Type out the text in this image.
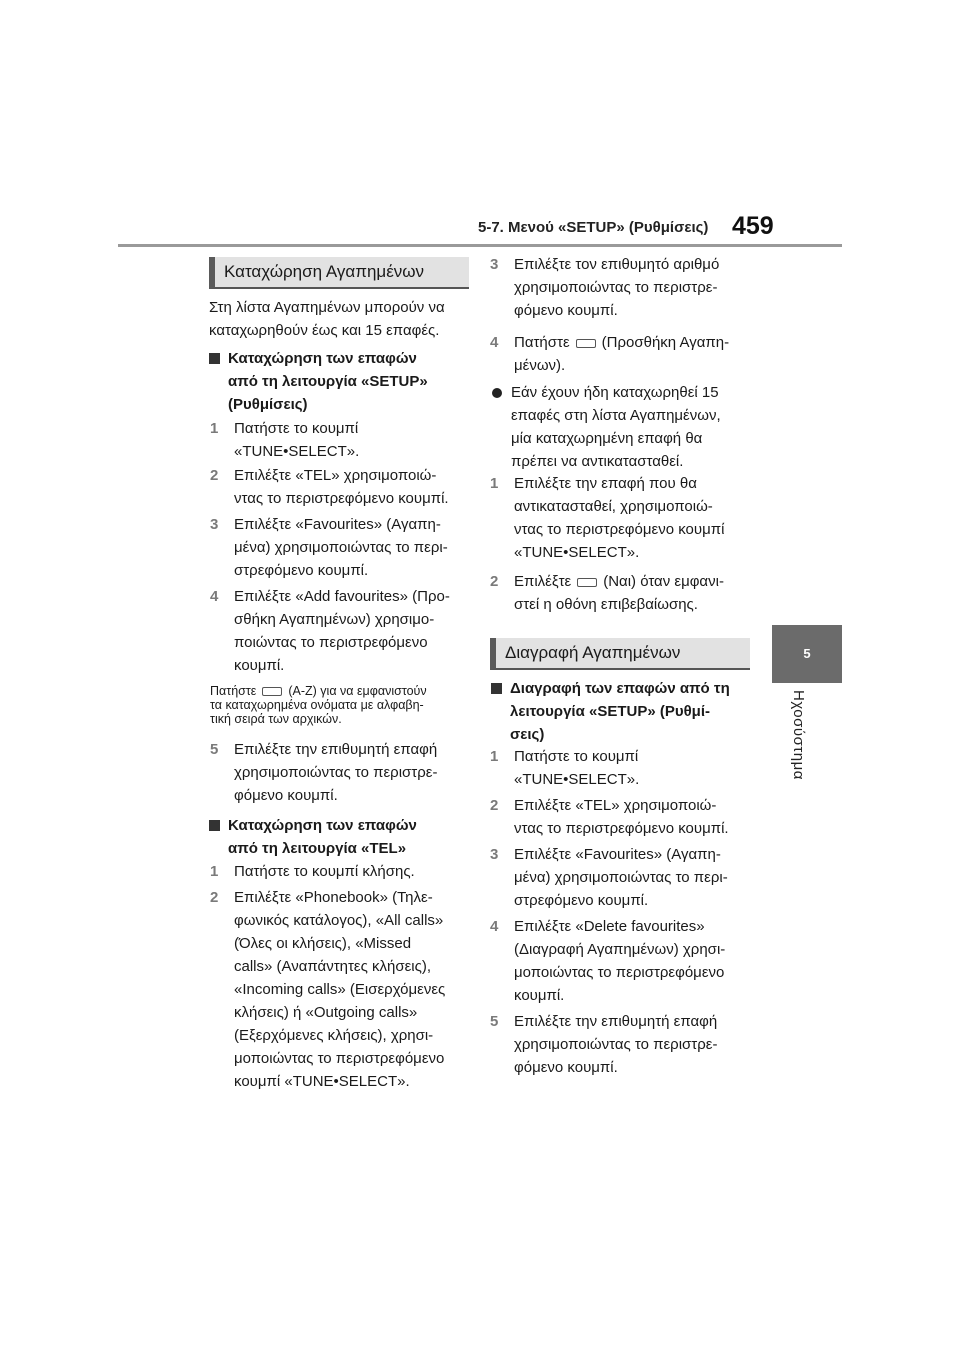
5-7. Μενού «SETUP» (Ρυθμίσεις) 459
5
Ηχοσύστημα
Καταχώρηση Αγαπημένων
Στη λίστα Αγαπημένων μπορούν να
καταχωρηθούν έως και 15 επαφές.
Καταχώρηση των επαφών
από τη λειτουργία «SETUP»
(Ρυθμίσεις)
1 Πατήστε το κουμπί
«TUNE•SELECT».
2 Επιλέξτε «TEL» χρησιμοποιώ-
ντας το περιστρεφόμενο κουμπί.
3 Επιλέξτε «Favourites» (Αγαπη-
μένα) χρησιμοποιώντας το περι-
στρεφόμενο κουμπί.
4 Επιλέξτε «Add favourites» (Προ-
σθήκη Αγαπημένων) χρησιμο-
ποιώντας το περιστρεφόμενο
κουμπί.
Πατήστε	(A-Z) για να εμφανιστούν
τα καταχωρημένα ονόματα με αλφαβη-
τική σειρά των αρχικών.
5 Επιλέξτε την επιθυμητή επαφή
χρησιμοποιώντας το περιστρε-
φόμενο κουμπί.
Καταχώρηση των επαφών
από τη λειτουργία «TEL»
1 Πατήστε το κουμπί κλήσης.
2 Επιλέξτε «Phonebook» (Τηλε-
φωνικός κατάλογος), «All calls»
(Όλες οι κλήσεις), «Missed
calls» (Αναπάντητες κλήσεις),
«Incoming calls» (Εισερχόμενες
κλήσεις) ή «Outgoing calls»
(Εξερχόμενες κλήσεις), χρησι-
μοποιώντας το περιστρεφόμενο
κουμπί «TUNE•SELECT».
3 Επιλέξτε τον επιθυμητό αριθμό
χρησιμοποιώντας το περιστρε-
φόμενο κουμπί.
4 Πατήστε (Προσθήκη Αγαπη-
μένων).
Εάν έχουν ήδη καταχωρηθεί 15
επαφές στη λίστα Αγαπημένων,
μία καταχωρημένη επαφή θα
πρέπει να αντικατασταθεί.
1 Επιλέξτε την επαφή που θα
αντικατασταθεί, χρησιμοποιώ-
ντας το περιστρεφόμενο κουμπί
«TUNE•SELECT».
2 Επιλέξτε (Ναι) όταν εμφανι-
στεί η οθόνη επιβεβαίωσης.
Διαγραφή Αγαπημένων
Διαγραφή των επαφών από τη
λειτουργία «SETUP» (Ρυθμί-
σεις)
1 Πατήστε το κουμπί
«TUNE•SELECT».
2 Επιλέξτε «TEL» χρησιμοποιώ-
ντας το περιστρεφόμενο κουμπί.
3 Επιλέξτε «Favourites» (Αγαπη-
μένα) χρησιμοποιώντας το περι-
στρεφόμενο κουμπί.
4 Επιλέξτε «Delete favourites»
(Διαγραφή Αγαπημένων) χρησι-
μοποιώντας το περιστρεφόμενο
κουμπί.
5 Επιλέξτε την επιθυμητή επαφή
χρησιμοποιώντας το περιστρε-
φόμενο κουμπί.
